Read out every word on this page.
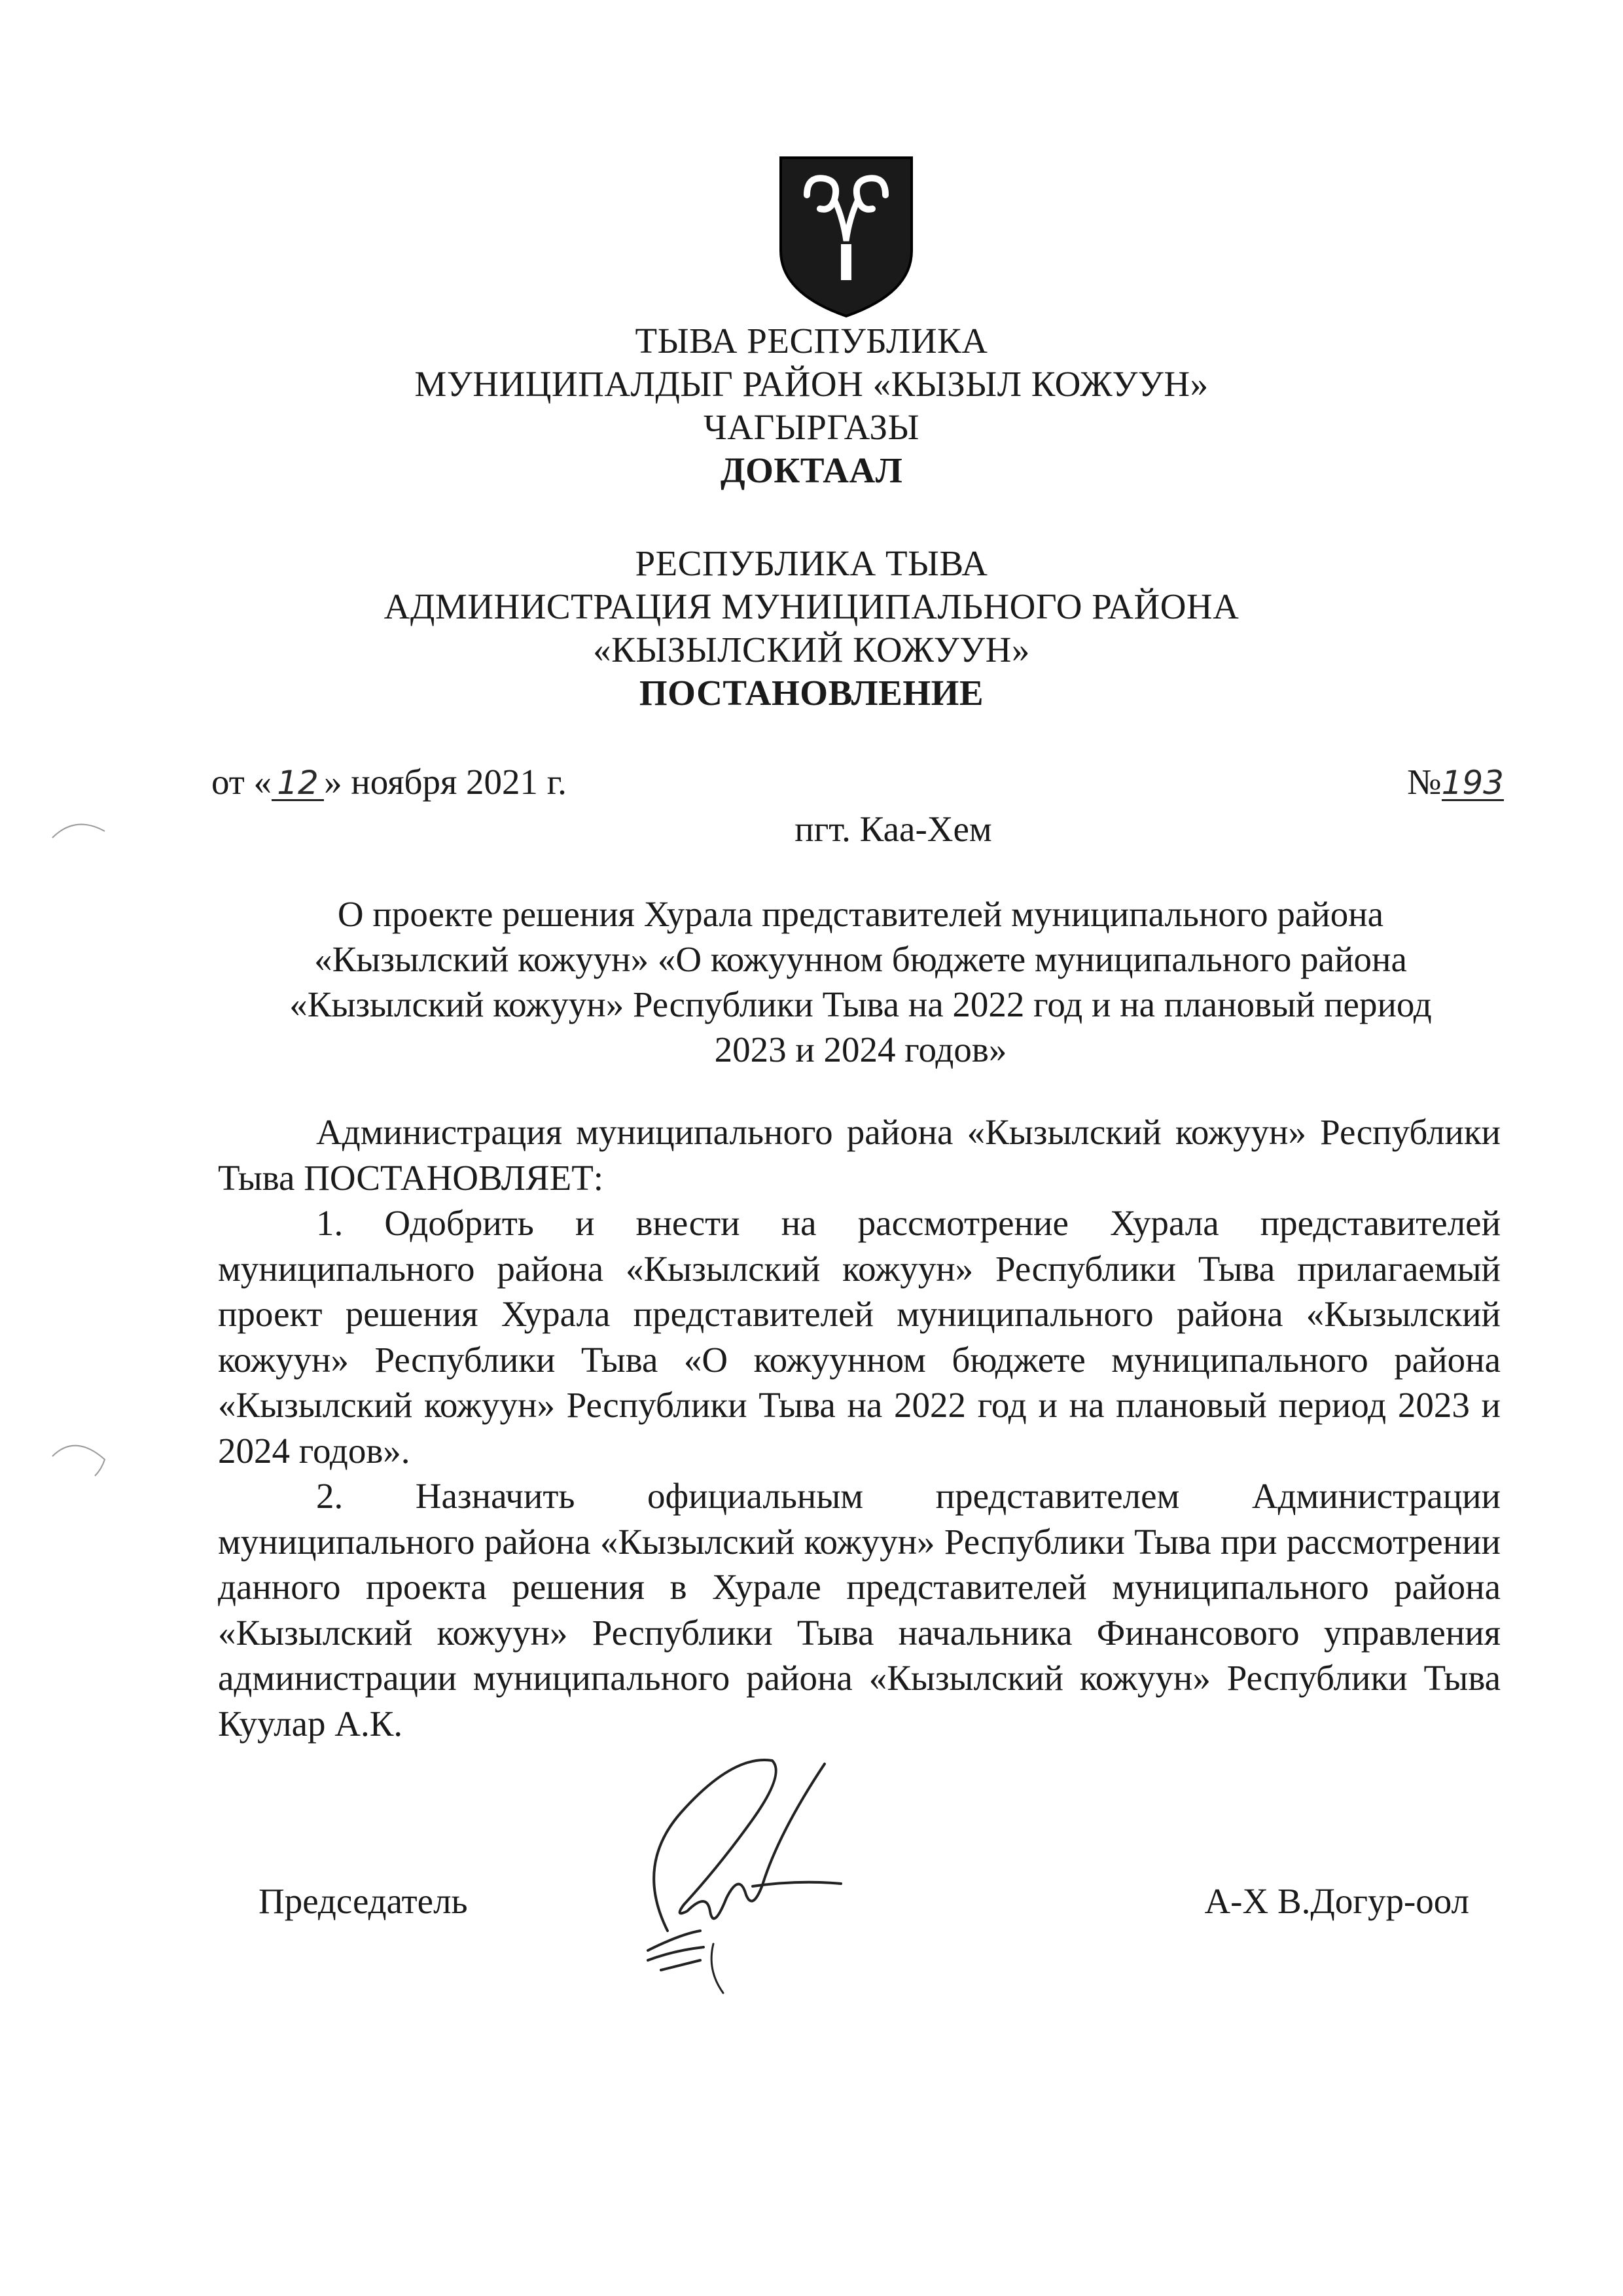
ТЫВА РЕСПУБЛИКА
МУНИЦИПАЛДЫГ РАЙОН «КЫЗЫЛ КОЖУУН»
ЧАГЫРГАЗЫ
ДОКТААЛ
РЕСПУБЛИКА ТЫВА
АДМИНИСТРАЦИЯ МУНИЦИПАЛЬНОГО РАЙОНА
«КЫЗЫЛСКИЙ КОЖУУН»
ПОСТАНОВЛЕНИЕ
от « 12 » ноября 2021 г.	№193
пгт. Каа-Хем
О проекте решения Хурала представителей муниципального района
«Кызылский кожуун» «О кожуунном бюджете муниципального района
«Кызылский кожуун» Республики Тыва на 2022 год и на плановый период
2023 и 2024 годов»

Администрация муниципального района «Кызылский кожуун» Республики Тыва ПОСТАНОВЛЯЕТ:

1. Одобрить и внести на рассмотрение Хурала представителей муниципального района «Кызылский кожуун» Республики Тыва прилагаемый проект решения Хурала представителей муниципального района «Кызылский кожуун» Республики Тыва «О кожуунном бюджете муниципального района «Кызылский кожуун» Республики Тыва на 2022 год и на плановый период 2023 и 2024 годов».

2. Назначить официальным представителем Администрации муниципального района «Кызылский кожуун» Республики Тыва при рассмотрении данного проекта решения в Хурале представителей муниципального района «Кызылский кожуун» Республики Тыва начальника Финансового управления администрации муниципального района «Кызылский кожуун» Республики Тыва Куулар А.К.

Председатель	А-Х В.Догур-оол
